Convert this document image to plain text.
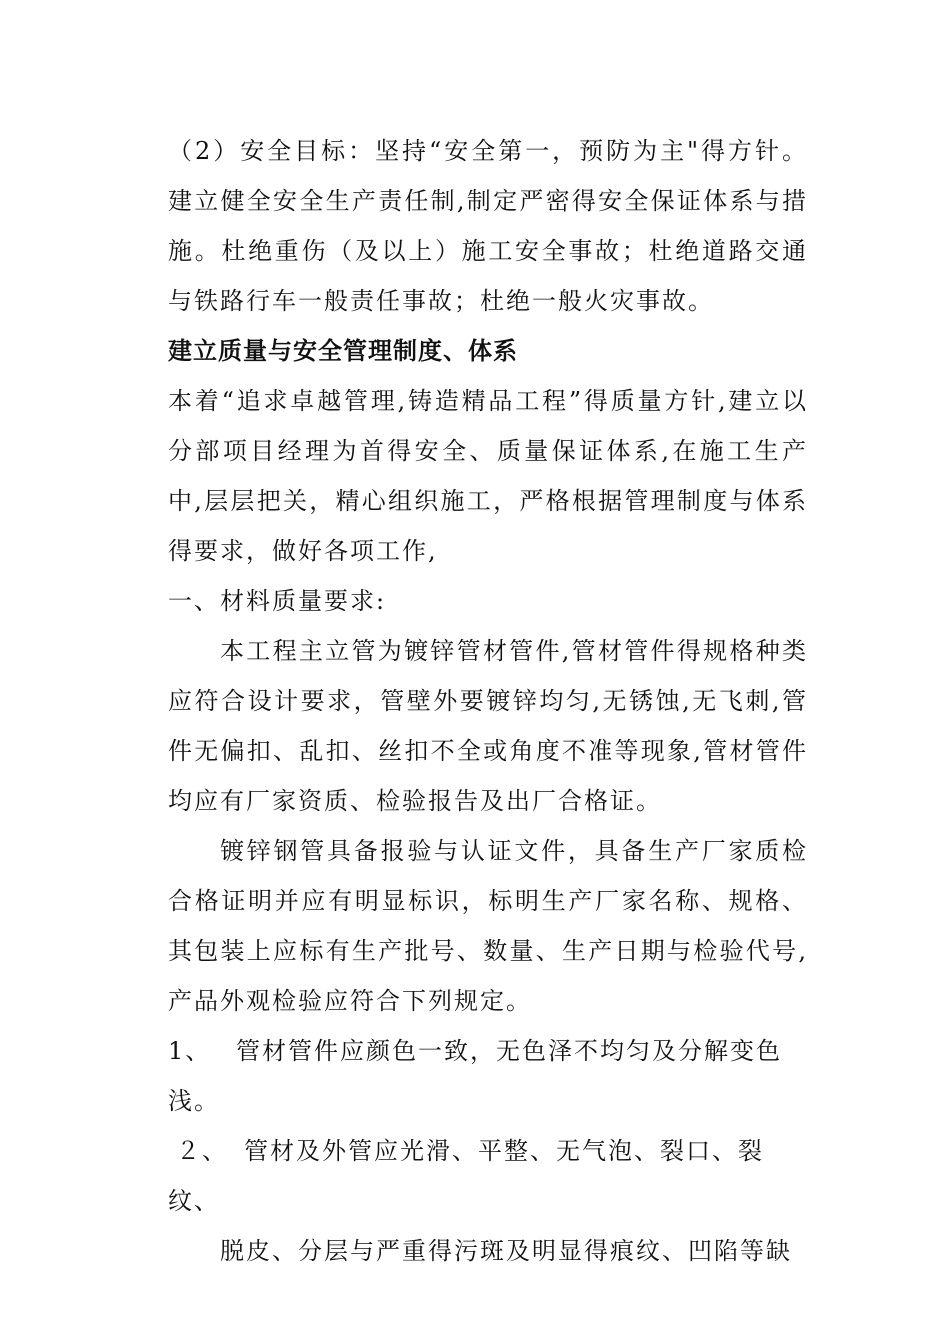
（2）安全目标：坚持“安全第一，预防为主"得方针。建立健全安全生产责任制,制定严密得安全保证体系与措施。杜绝重伤（及以上）施工安全事故；杜绝道路交通与铁路行车一般责任事故；杜绝一般火灾事故。

建立质量与安全管理制度、体系

本着“追求卓越管理,铸造精品工程”得质量方针,建立以分部项目经理为首得安全、质量保证体系,在施工生产中,层层把关，精心组织施工，严格根据管理制度与体系得要求，做好各项工作,

一、材料质量要求:

本工程主立管为镀锌管材管件,管材管件得规格种类应符合设计要求，管壁外要镀锌均匀,无锈蚀,无飞刺,管件无偏扣、乱扣、丝扣不全或角度不准等现象,管材管件均应有厂家资质、检验报告及出厂合格证。

镀锌钢管具备报验与认证文件，具备生产厂家质检合格证明并应有明显标识，标明生产厂家名称、规格、其包装上应标有生产批号、数量、生产日期与检验代号,产品外观检验应符合下列规定。

1、 管材管件应颜色一致，无色泽不均匀及分解变色浅。

２、 管材及外管应光滑、平整、无气泡、裂口、裂纹、

脱皮、分层与严重得污斑及明显得痕纹、凹陷等缺
